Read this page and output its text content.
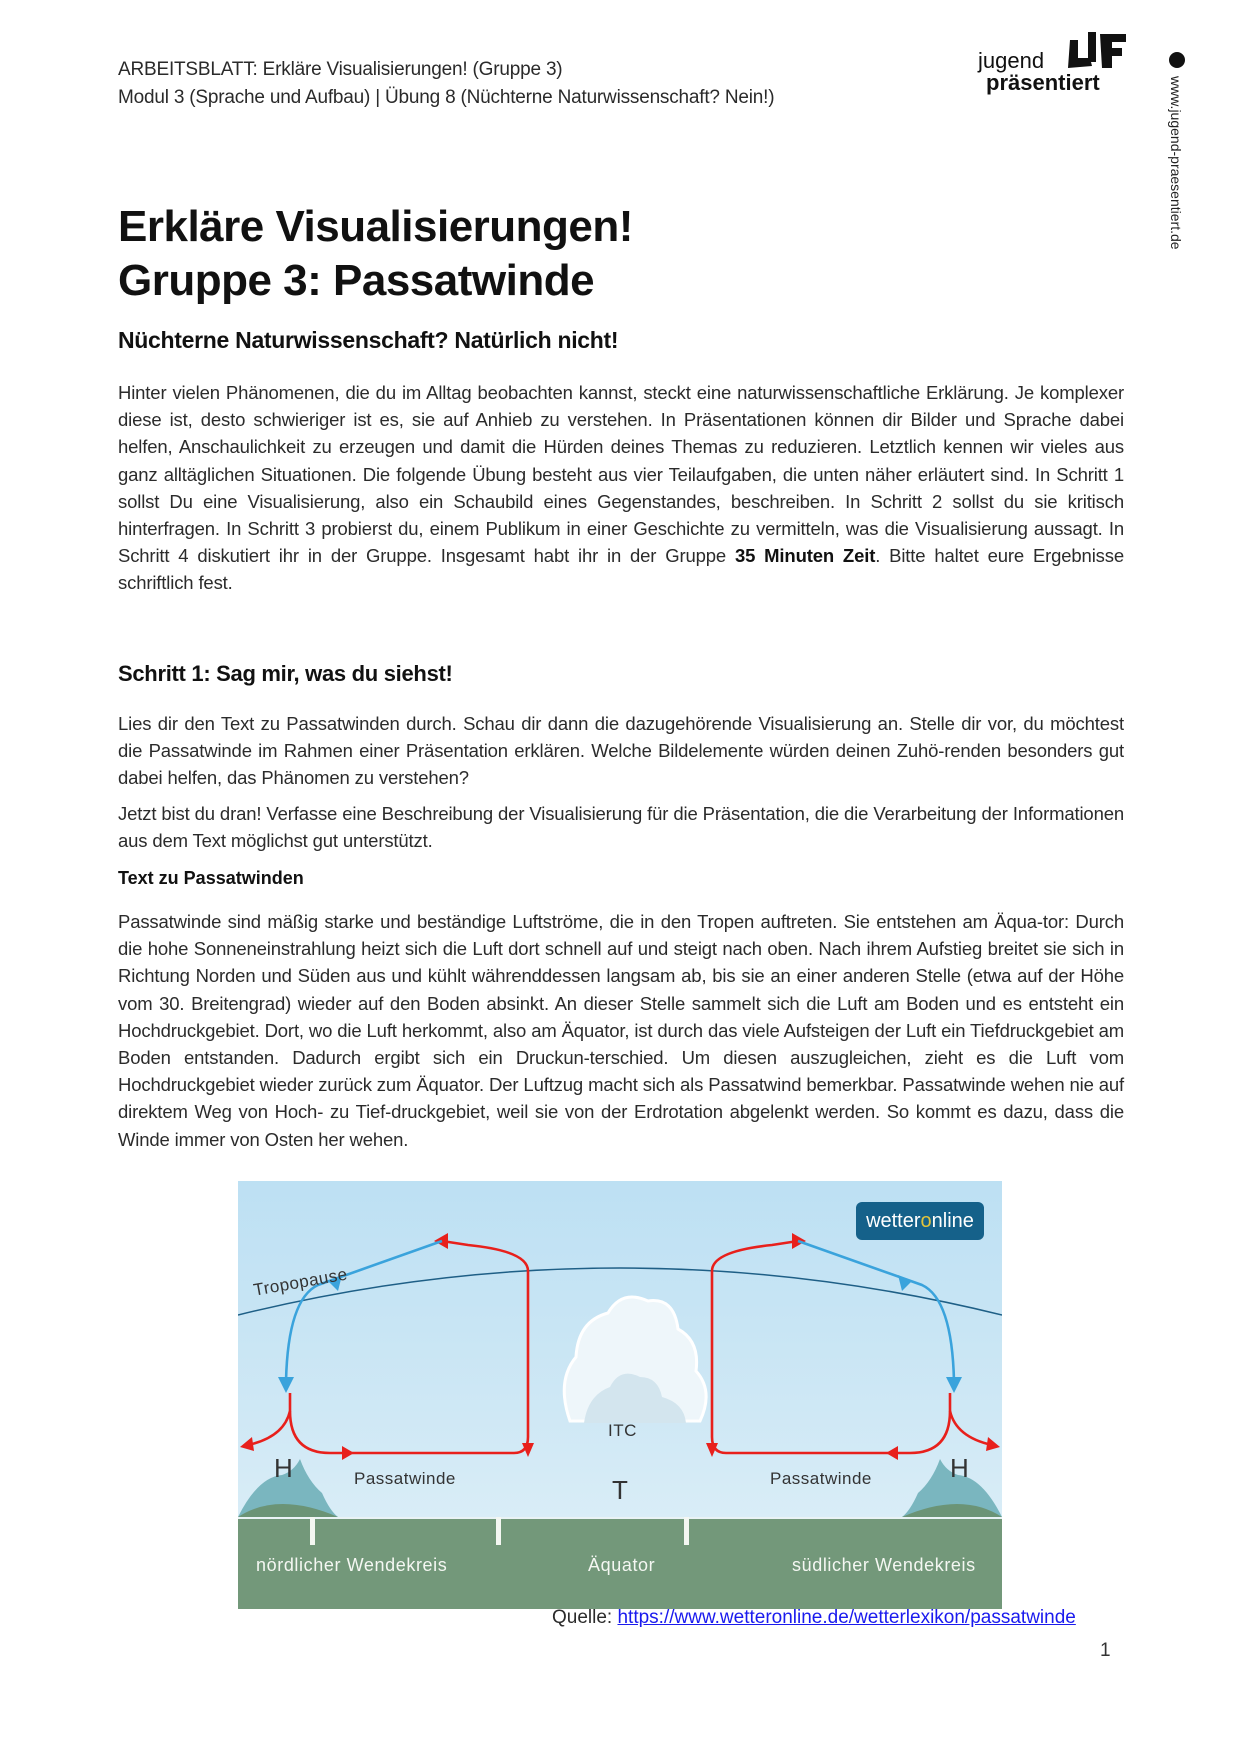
ARBEITSBLATT: Erkläre Visualisierungen! (Gruppe 3)
Modul 3 (Sprache und Aufbau) | Übung 8 (Nüchterne Naturwissenschaft? Nein!)
jugend
präsentiert	www.jugend-praesentiert.de
Erkläre Visualisierungen!
Gruppe 3: Passatwinde
Nüchterne Naturwissenschaft? Natürlich nicht!

Hinter vielen Phänomenen, die du im Alltag beobachten kannst, steckt eine naturwissenschaftliche Erklärung. Je komplexer diese ist, desto schwieriger ist es, sie auf Anhieb zu verstehen. In Präsentationen können dir Bilder und Sprache dabei helfen, Anschaulichkeit zu erzeugen und damit die Hürden deines Themas zu reduzieren. Letztlich kennen wir vieles aus ganz alltäglichen Situationen. Die folgende Übung besteht aus vier Teilaufgaben, die unten näher erläutert sind. In Schritt 1 sollst Du eine Visualisierung, also ein Schaubild eines Gegenstandes, beschreiben. In Schritt 2 sollst du sie kritisch hinterfragen. In Schritt 3 probierst du, einem Publikum in einer Geschichte zu vermitteln, was die Visualisierung aussagt. In Schritt 4 diskutiert ihr in der Gruppe. Insgesamt habt ihr in der Gruppe 35 Minuten Zeit. Bitte haltet eure Ergebnisse schriftlich fest.

Schritt 1: Sag mir, was du siehst!

Lies dir den Text zu Passatwinden durch. Schau dir dann die dazugehörende Visualisierung an. Stelle dir vor, du möchtest die Passatwinde im Rahmen einer Präsentation erklären. Welche Bildelemente würden deinen Zuhö-renden besonders gut dabei helfen, das Phänomen zu verstehen?

Jetzt bist du dran! Verfasse eine Beschreibung der Visualisierung für die Präsentation, die die Verarbeitung der Informationen aus dem Text möglichst gut unterstützt.

Text zu Passatwinden

Passatwinde sind mäßig starke und beständige Luftströme, die in den Tropen auftreten. Sie entstehen am Äqua-tor: Durch die hohe Sonneneinstrahlung heizt sich die Luft dort schnell auf und steigt nach oben. Nach ihrem Aufstieg breitet sie sich in Richtung Norden und Süden aus und kühlt währenddessen langsam ab, bis sie an einer anderen Stelle (etwa auf der Höhe vom 30. Breitengrad) wieder auf den Boden absinkt. An dieser Stelle sammelt sich die Luft am Boden und es entsteht ein Hochdruckgebiet. Dort, wo die Luft herkommt, also am Äquator, ist durch das viele Aufsteigen der Luft ein Tiefdruckgebiet am Boden entstanden. Dadurch ergibt sich ein Druckun-terschied. Um diesen auszugleichen, zieht es die Luft vom Hochdruckgebiet wieder zurück zum Äquator. Der Luftzug macht sich als Passatwind bemerkbar. Passatwinde wehen nie auf direktem Weg von Hoch- zu Tief-druckgebiet, weil sie von der Erdrotation abgelenkt werden. So kommt es dazu, dass die Winde immer von Osten her wehen.

wetteronline
Tropopause
ITC
H	H
T
Passatwinde	Passatwinde
nördlicher Wendekreis	Äquator	südlicher Wendekreis
Quelle: https://www.wetteronline.de/wetterlexikon/passatwinde
1
